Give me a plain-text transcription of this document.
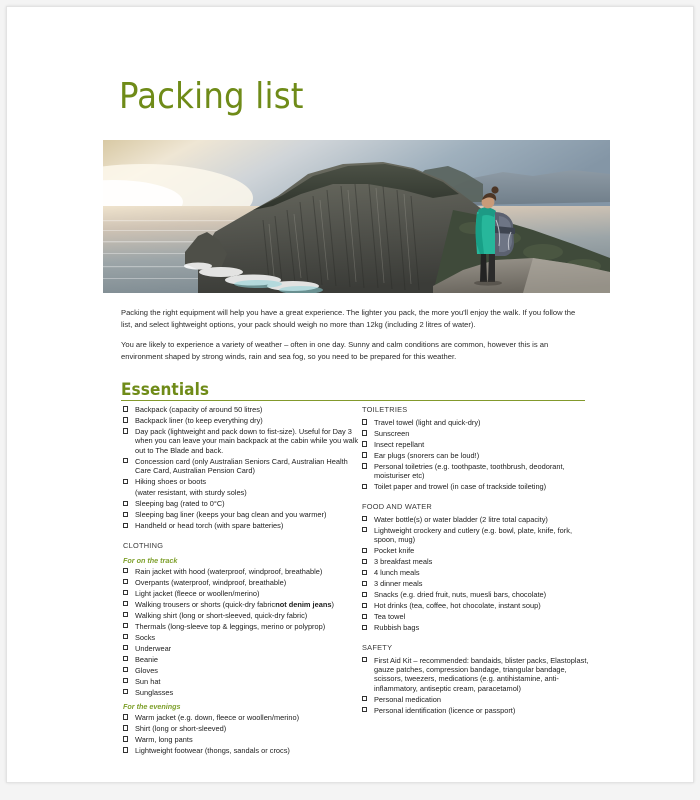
Packing list

Packing the right equipment will help you have a great experience. The lighter you pack, the more you'll enjoy the walk. If you follow the list, and select lightweight options, your pack should weigh no more than 12kg (including 2 litres of water).

You are likely to experience a variety of weather – often in one day. Sunny and calm conditions are common, however this is an environment shaped by strong winds, rain and sea fog, so you need to be prepared for this weather.

Essentials
Backpack (capacity of around 50 litres)
Backpack liner (to keep everything dry)
Day pack (lightweight and pack down to fist-size). Useful for Day 3 when you can leave your main backpack at the cabin while you walk out to The Blade and back.
Concession card (only Australian Seniors Card, Australian Health Care Card, Australian Pension Card)
Hiking shoes or boots
(water resistant, with sturdy soles)
Sleeping bag (rated to 0°C)
Sleeping bag liner (keeps your bag clean and you warmer)
Handheld or head torch (with spare batteries)
CLOTHING
For on the track
Rain jacket with hood (waterproof, windproof, breathable)
Overpants (waterproof, windproof, breathable)
Light jacket (fleece or woollen/merino)
Walking trousers or shorts (quick-dry fabricnot denim jeans)
Walking shirt (long or short-sleeved, quick-dry fabric)
Thermals (long-sleeve top & leggings, merino or polyprop)
Socks
Underwear
Beanie
Gloves
Sun hat
Sunglasses
For the evenings
Warm jacket (e.g. down, fleece or woollen/merino)
Shirt (long or short-sleeved)
Warm, long pants
Lightweight footwear (thongs, sandals or crocs)
TOILETRIES
Travel towel (light and quick-dry)
Sunscreen
Insect repellant
Ear plugs (snorers can be loud!)
Personal toiletries (e.g. toothpaste, toothbrush, deodorant, moisturiser etc)
Toilet paper and trowel (in case of trackside toileting)
FOOD AND WATER
Water bottle(s) or water bladder (2 litre total capacity)
Lightweight crockery and cutlery (e.g. bowl, plate, knife, fork, spoon, mug)
Pocket knife
3 breakfast meals
4 lunch meals
3 dinner meals
Snacks (e.g. dried fruit, nuts, muesli bars, chocolate)
Hot drinks (tea, coffee, hot chocolate, instant soup)
Tea towel
Rubbish bags
SAFETY
First Aid Kit – recommended: bandaids, blister packs, Elastoplast, gauze patches, compression bandage, triangular bandage, scissors, tweezers, medications (e.g. antihistamine, anti-inflammatory, antiseptic cream, paracetamol)
Personal medication
Personal identification (licence or passport)
